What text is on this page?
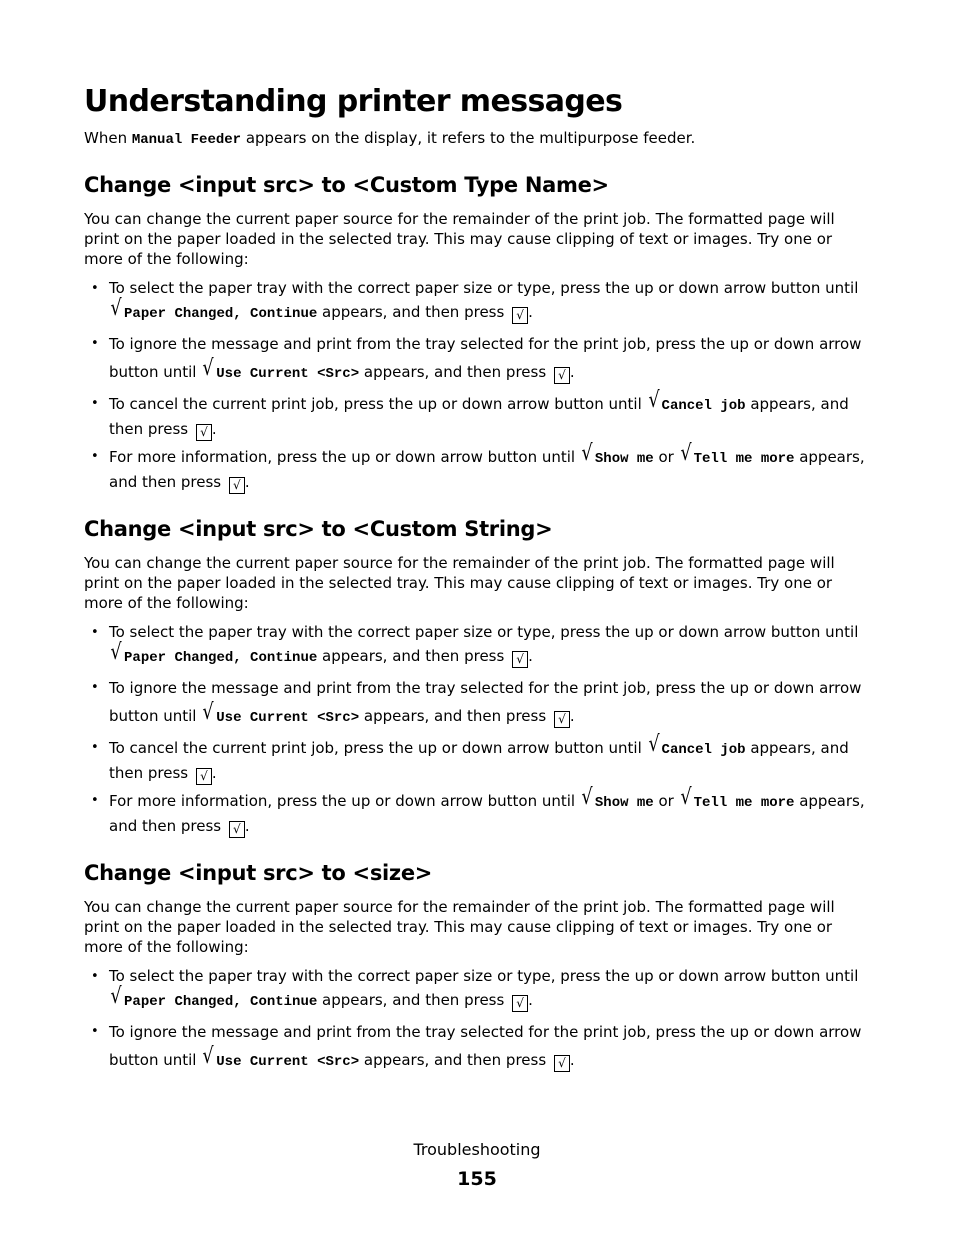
Understanding printer messages

When Manual Feeder appears on the display, it refers to the multipurpose feeder.

Change <input src> to <Custom Type Name>

You can change the current paper source for the remainder of the print job. The formatted page will print on the paper loaded in the selected tray. This may cause clipping of text or images. Try one or more of the following:

• To select the paper tray with the correct paper size or type, press the up or down arrow button until √ Paper Changed, Continue appears, and then press √ .
• To ignore the message and print from the tray selected for the print job, press the up or down arrow button until √ Use Current <Src> appears, and then press √ .
• To cancel the current print job, press the up or down arrow button until √ Cancel job appears, and then press √ .
• For more information, press the up or down arrow button until √ Show me or √ Tell me more appears, and then press √ .
Change <input src> to <Custom String>

You can change the current paper source for the remainder of the print job. The formatted page will print on the paper loaded in the selected tray. This may cause clipping of text or images. Try one or more of the following:

• To select the paper tray with the correct paper size or type, press the up or down arrow button until √ Paper Changed, Continue appears, and then press √ .
• To ignore the message and print from the tray selected for the print job, press the up or down arrow button until √ Use Current <Src> appears, and then press √ .
• To cancel the current print job, press the up or down arrow button until √ Cancel job appears, and then press √ .
• For more information, press the up or down arrow button until √ Show me or √ Tell me more appears, and then press √ .
Change <input src> to <size>

You can change the current paper source for the remainder of the print job. The formatted page will print on the paper loaded in the selected tray. This may cause clipping of text or images. Try one or more of the following:

• To select the paper tray with the correct paper size or type, press the up or down arrow button until √ Paper Changed, Continue appears, and then press √ .
• To ignore the message and print from the tray selected for the print job, press the up or down arrow button until √ Use Current <Src> appears, and then press √ .
Troubleshooting
155
